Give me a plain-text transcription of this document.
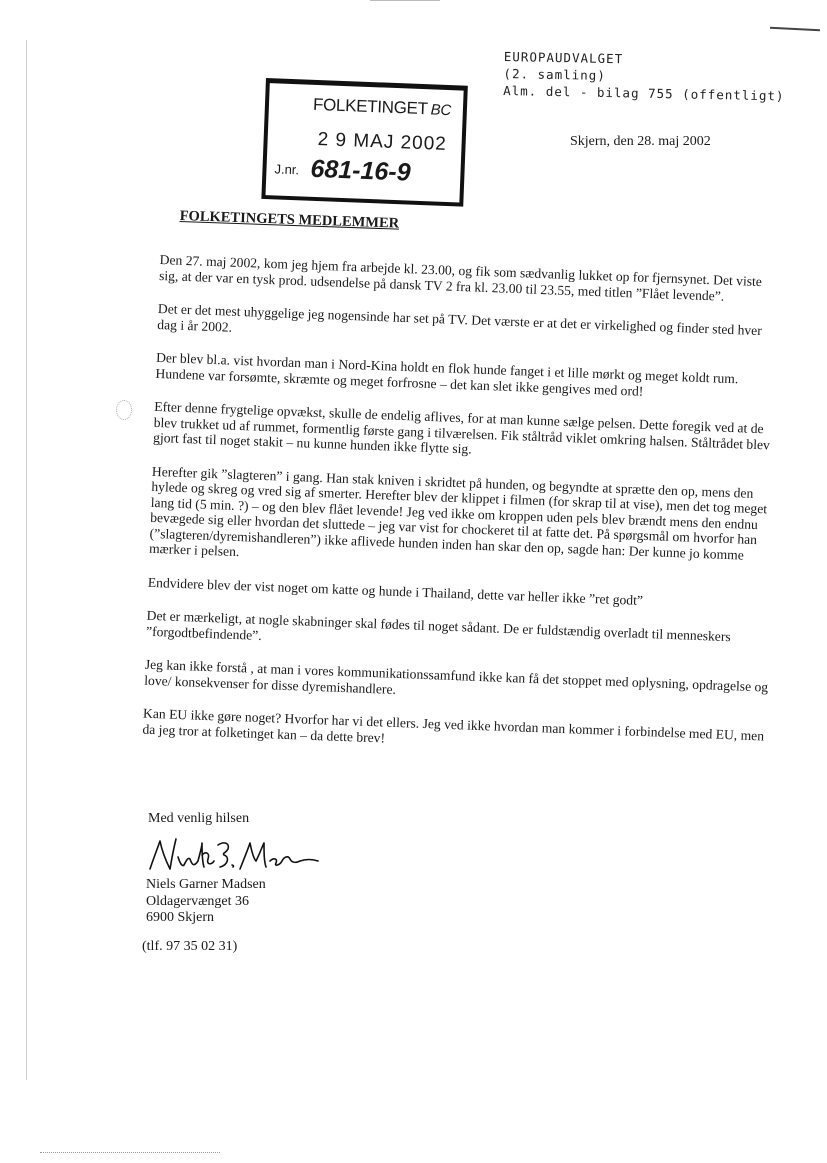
EUROPAUDVALGET
(2. samling)
Alm. del - bilag 755 (offentligt)
FOLKETINGET BC
2 9 MAJ 2002
J.nr. 681-16-9
Skjern, den 28. maj 2002
FOLKETINGETS MEDLEMMER

Den 27. maj 2002, kom jeg hjem fra arbejde kl. 23.00, og fik som sædvanlig lukket op for fjernsynet. Det viste sig, at der var en tysk prod. udsendelse på dansk TV 2 fra kl. 23.00 til 23.55, med titlen ”Flået levende”.

Det er det mest uhyggelige jeg nogensinde har set på TV. Det værste er at det er virkelighed og finder sted hver dag i år 2002.

Der blev bl.a. vist hvordan man i Nord-Kina holdt en flok hunde fanget i et lille mørkt og meget koldt rum. Hundene var forsømte, skræmte og meget forfrosne – det kan slet ikke gengives med ord!

Efter denne frygtelige opvækst, skulle de endelig aflives, for at man kunne sælge pelsen. Dette foregik ved at de blev trukket ud af rummet, formentlig første gang i tilværelsen. Fik ståltråd viklet omkring halsen. Ståltrådet blev gjort fast til noget stakit – nu kunne hunden ikke flytte sig.

Herefter gik ”slagteren” i gang. Han stak kniven i skridtet på hunden, og begyndte at sprætte den op, mens den hylede og skreg og vred sig af smerter. Herefter blev der klippet i filmen (for skrap til at vise), men det tog meget lang tid (5 min. ?) – og den blev flået levende! Jeg ved ikke om kroppen uden pels blev brændt mens den endnu bevægede sig eller hvordan det sluttede – jeg var vist for chockeret til at fatte det. På spørgsmål om hvorfor han (”slagteren/dyremishandleren”) ikke aflivede hunden inden han skar den op, sagde han: Der kunne jo komme mærker i pelsen.

Endvidere blev der vist noget om katte og hunde i Thailand, dette var heller ikke ”ret godt”

Det er mærkeligt, at nogle skabninger skal fødes til noget sådant. De er fuldstændig overladt til menneskers ”forgodtbefindende”.

Jeg kan ikke forstå , at man i vores kommunikationssamfund ikke kan få det stoppet med oplysning, opdragelse og love/ konsekvenser for disse dyremishandlere.

Kan EU ikke gøre noget? Hvorfor har vi det ellers. Jeg ved ikke hvordan man kommer i forbindelse med EU, men da jeg tror at folketinget kan – da dette brev!

Med venlig hilsen
Niels Garner Madsen
Oldagervænget 36
6900 Skjern
(tlf. 97 35 02 31)
